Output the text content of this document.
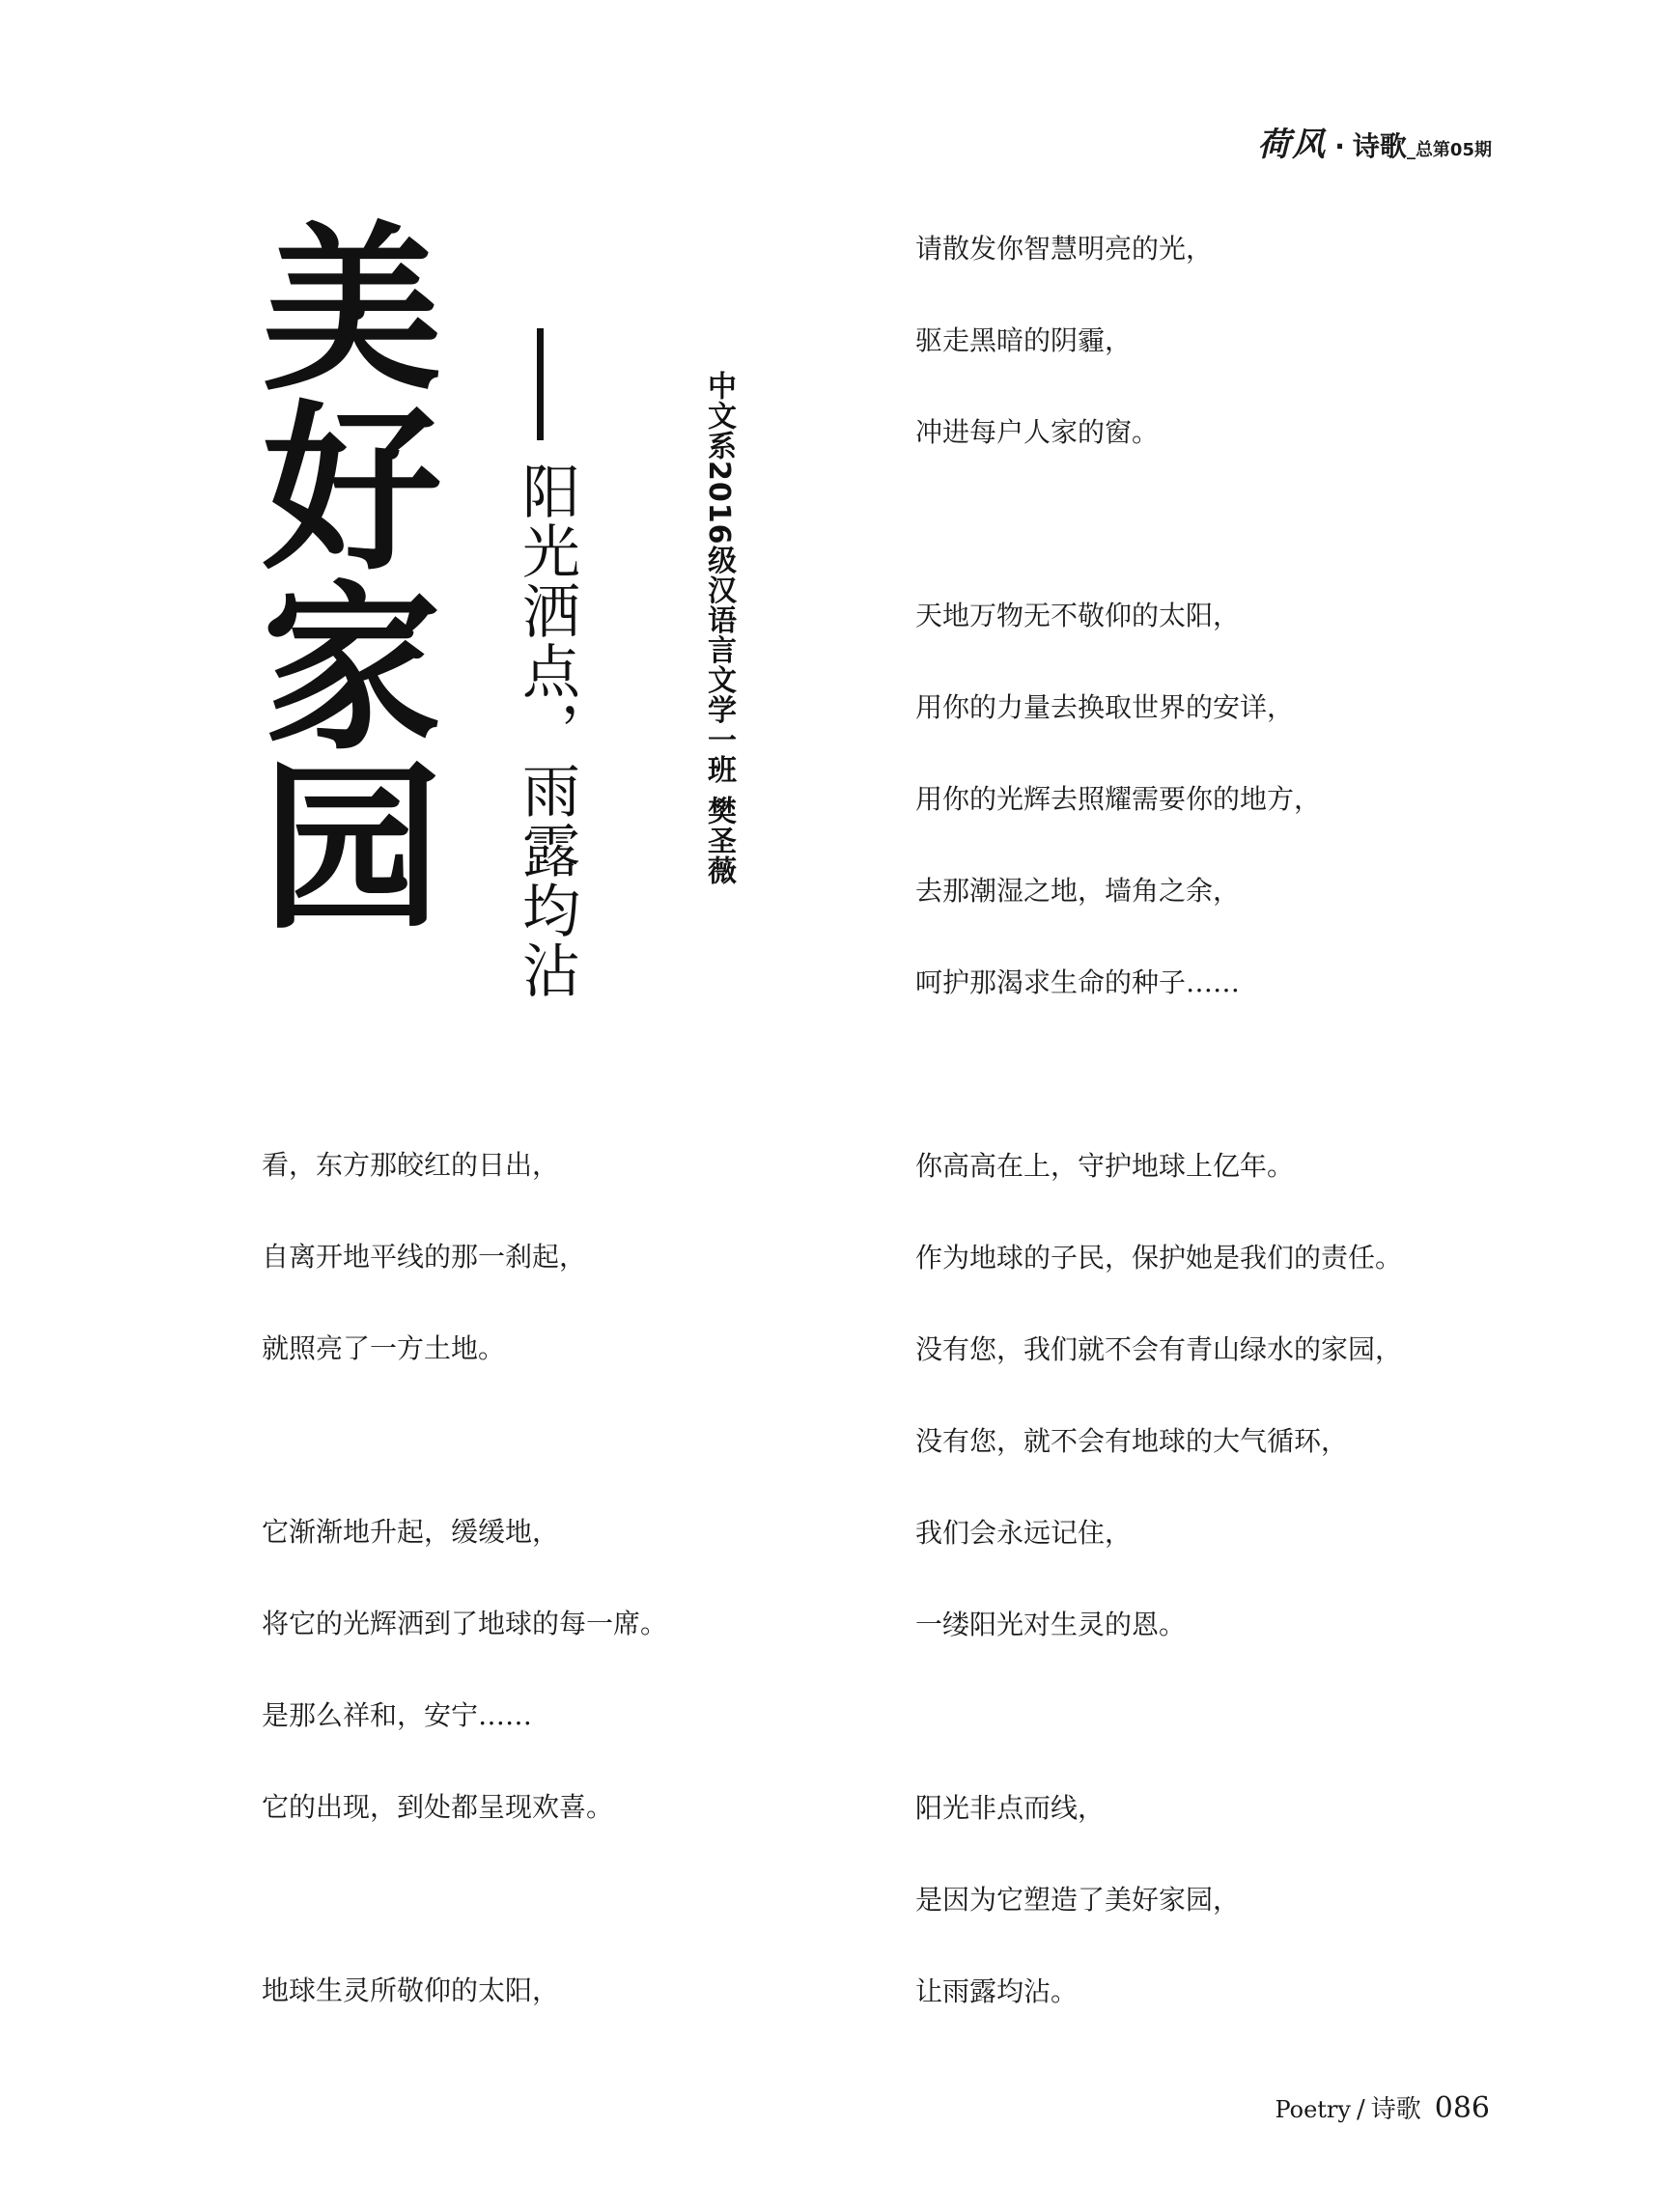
荷风 · 诗歌 _总第05期
美好家园 阳光洒点，雨露均沾	中文系2016级汉语言文学一班 樊圣薇
看，东方那皎红的日出，
自离开地平线的那一刹起，
就照亮了一方土地。
它渐渐地升起，缓缓地，
将它的光辉洒到了地球的每一席。
是那么祥和，安宁……
它的出现，到处都呈现欢喜。
地球生灵所敬仰的太阳，
请散发你智慧明亮的光，
驱走黑暗的阴霾，
冲进每户人家的窗。
天地万物无不敬仰的太阳，
用你的力量去换取世界的安详，
用你的光辉去照耀需要你的地方，
去那潮湿之地，墙角之余，
呵护那渴求生命的种子……
你高高在上，守护地球上亿年。
作为地球的子民，保护她是我们的责任。
没有您，我们就不会有青山绿水的家园，
没有您，就不会有地球的大气循环，
我们会永远记住，
一缕阳光对生灵的恩。
阳光非点而线，
是因为它塑造了美好家园，
让雨露均沾。
Poetry / 诗歌 086
